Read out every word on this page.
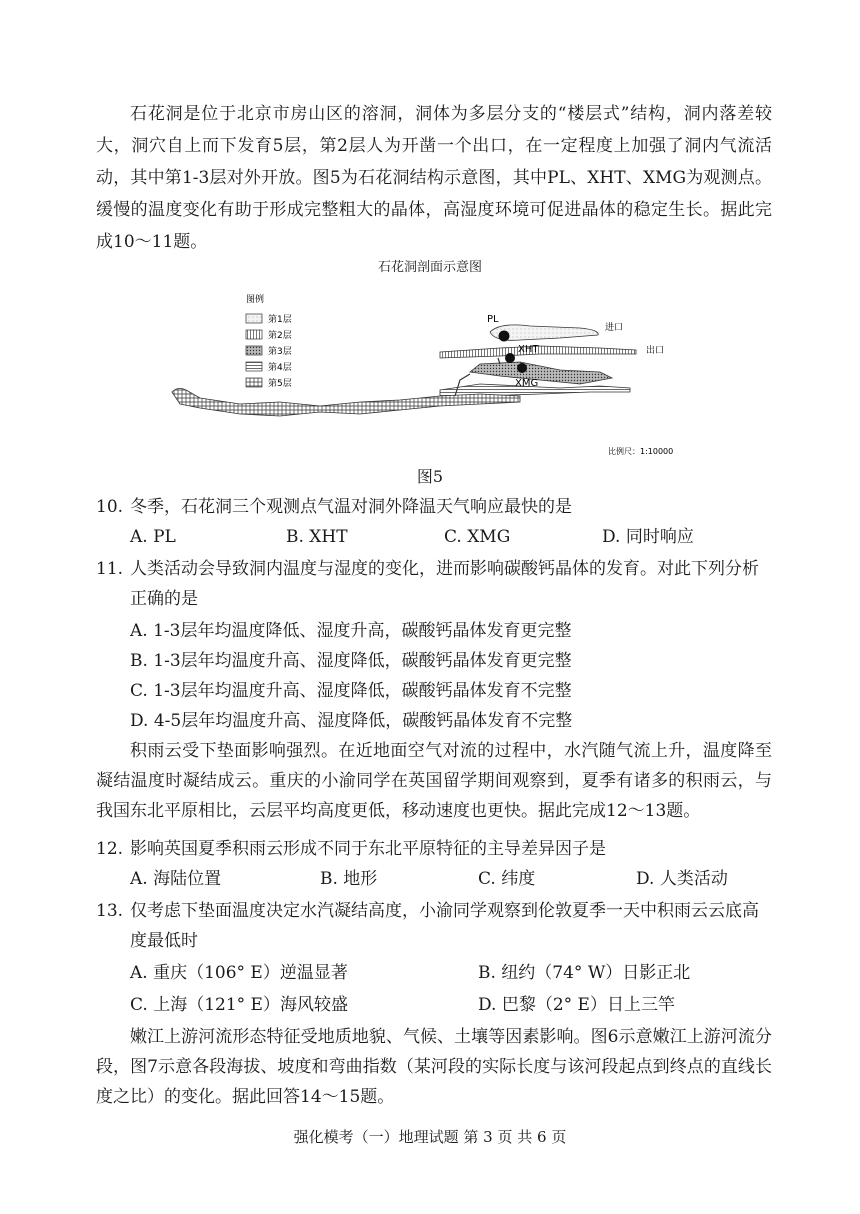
石花洞是位于北京市房山区的溶洞，洞体为多层分支的“楼层式”结构，洞内落差较大，洞穴自上而下发育5层，第2层人为开凿一个出口，在一定程度上加强了洞内气流活动，其中第1-3层对外开放。图5为石花洞结构示意图，其中PL、XHT、XMG为观测点。缓慢的温度变化有助于形成完整粗大的晶体，高湿度环境可促进晶体的稳定生长。据此完成10～11题。

石花洞剖面示意图
图例
第1层
第2层
第3层
第4层
第5层
PL
XHT
XMG
进口
出口
比例尺：1:10000
图5
10. 冬季，石花洞三个观测点气温对洞外降温天气响应最快的是
A. PL	B. XHT	C. XMG	D. 同时响应
11. 人类活动会导致洞内温度与湿度的变化，进而影响碳酸钙晶体的发育。对此下列分析正确的是
A. 1-3层年均温度降低、湿度升高，碳酸钙晶体发育更完整
B. 1-3层年均温度升高、湿度降低，碳酸钙晶体发育更完整
C. 1-3层年均温度升高、湿度降低，碳酸钙晶体发育不完整
D. 4-5层年均温度升高、湿度降低，碳酸钙晶体发育不完整

积雨云受下垫面影响强烈。在近地面空气对流的过程中，水汽随气流上升，温度降至凝结温度时凝结成云。重庆的小渝同学在英国留学期间观察到，夏季有诸多的积雨云，与我国东北平原相比，云层平均高度更低，移动速度也更快。据此完成12～13题。

12. 影响英国夏季积雨云形成不同于东北平原特征的主导差异因子是
A. 海陆位置	B. 地形	C. 纬度	D. 人类活动
13. 仅考虑下垫面温度决定水汽凝结高度，小渝同学观察到伦敦夏季一天中积雨云云底高度最低时
A. 重庆（106° E）逆温显著	B. 纽约（74° W）日影正北
C. 上海（121° E）海风较盛	D. 巴黎（2° E）日上三竿

嫩江上游河流形态特征受地质地貌、气候、土壤等因素影响。图6示意嫩江上游河流分段，图7示意各段海拔、坡度和弯曲指数（某河段的实际长度与该河段起点到终点的直线长度之比）的变化。据此回答14～15题。

强化模考（一）地理试题 第 3 页 共 6 页
